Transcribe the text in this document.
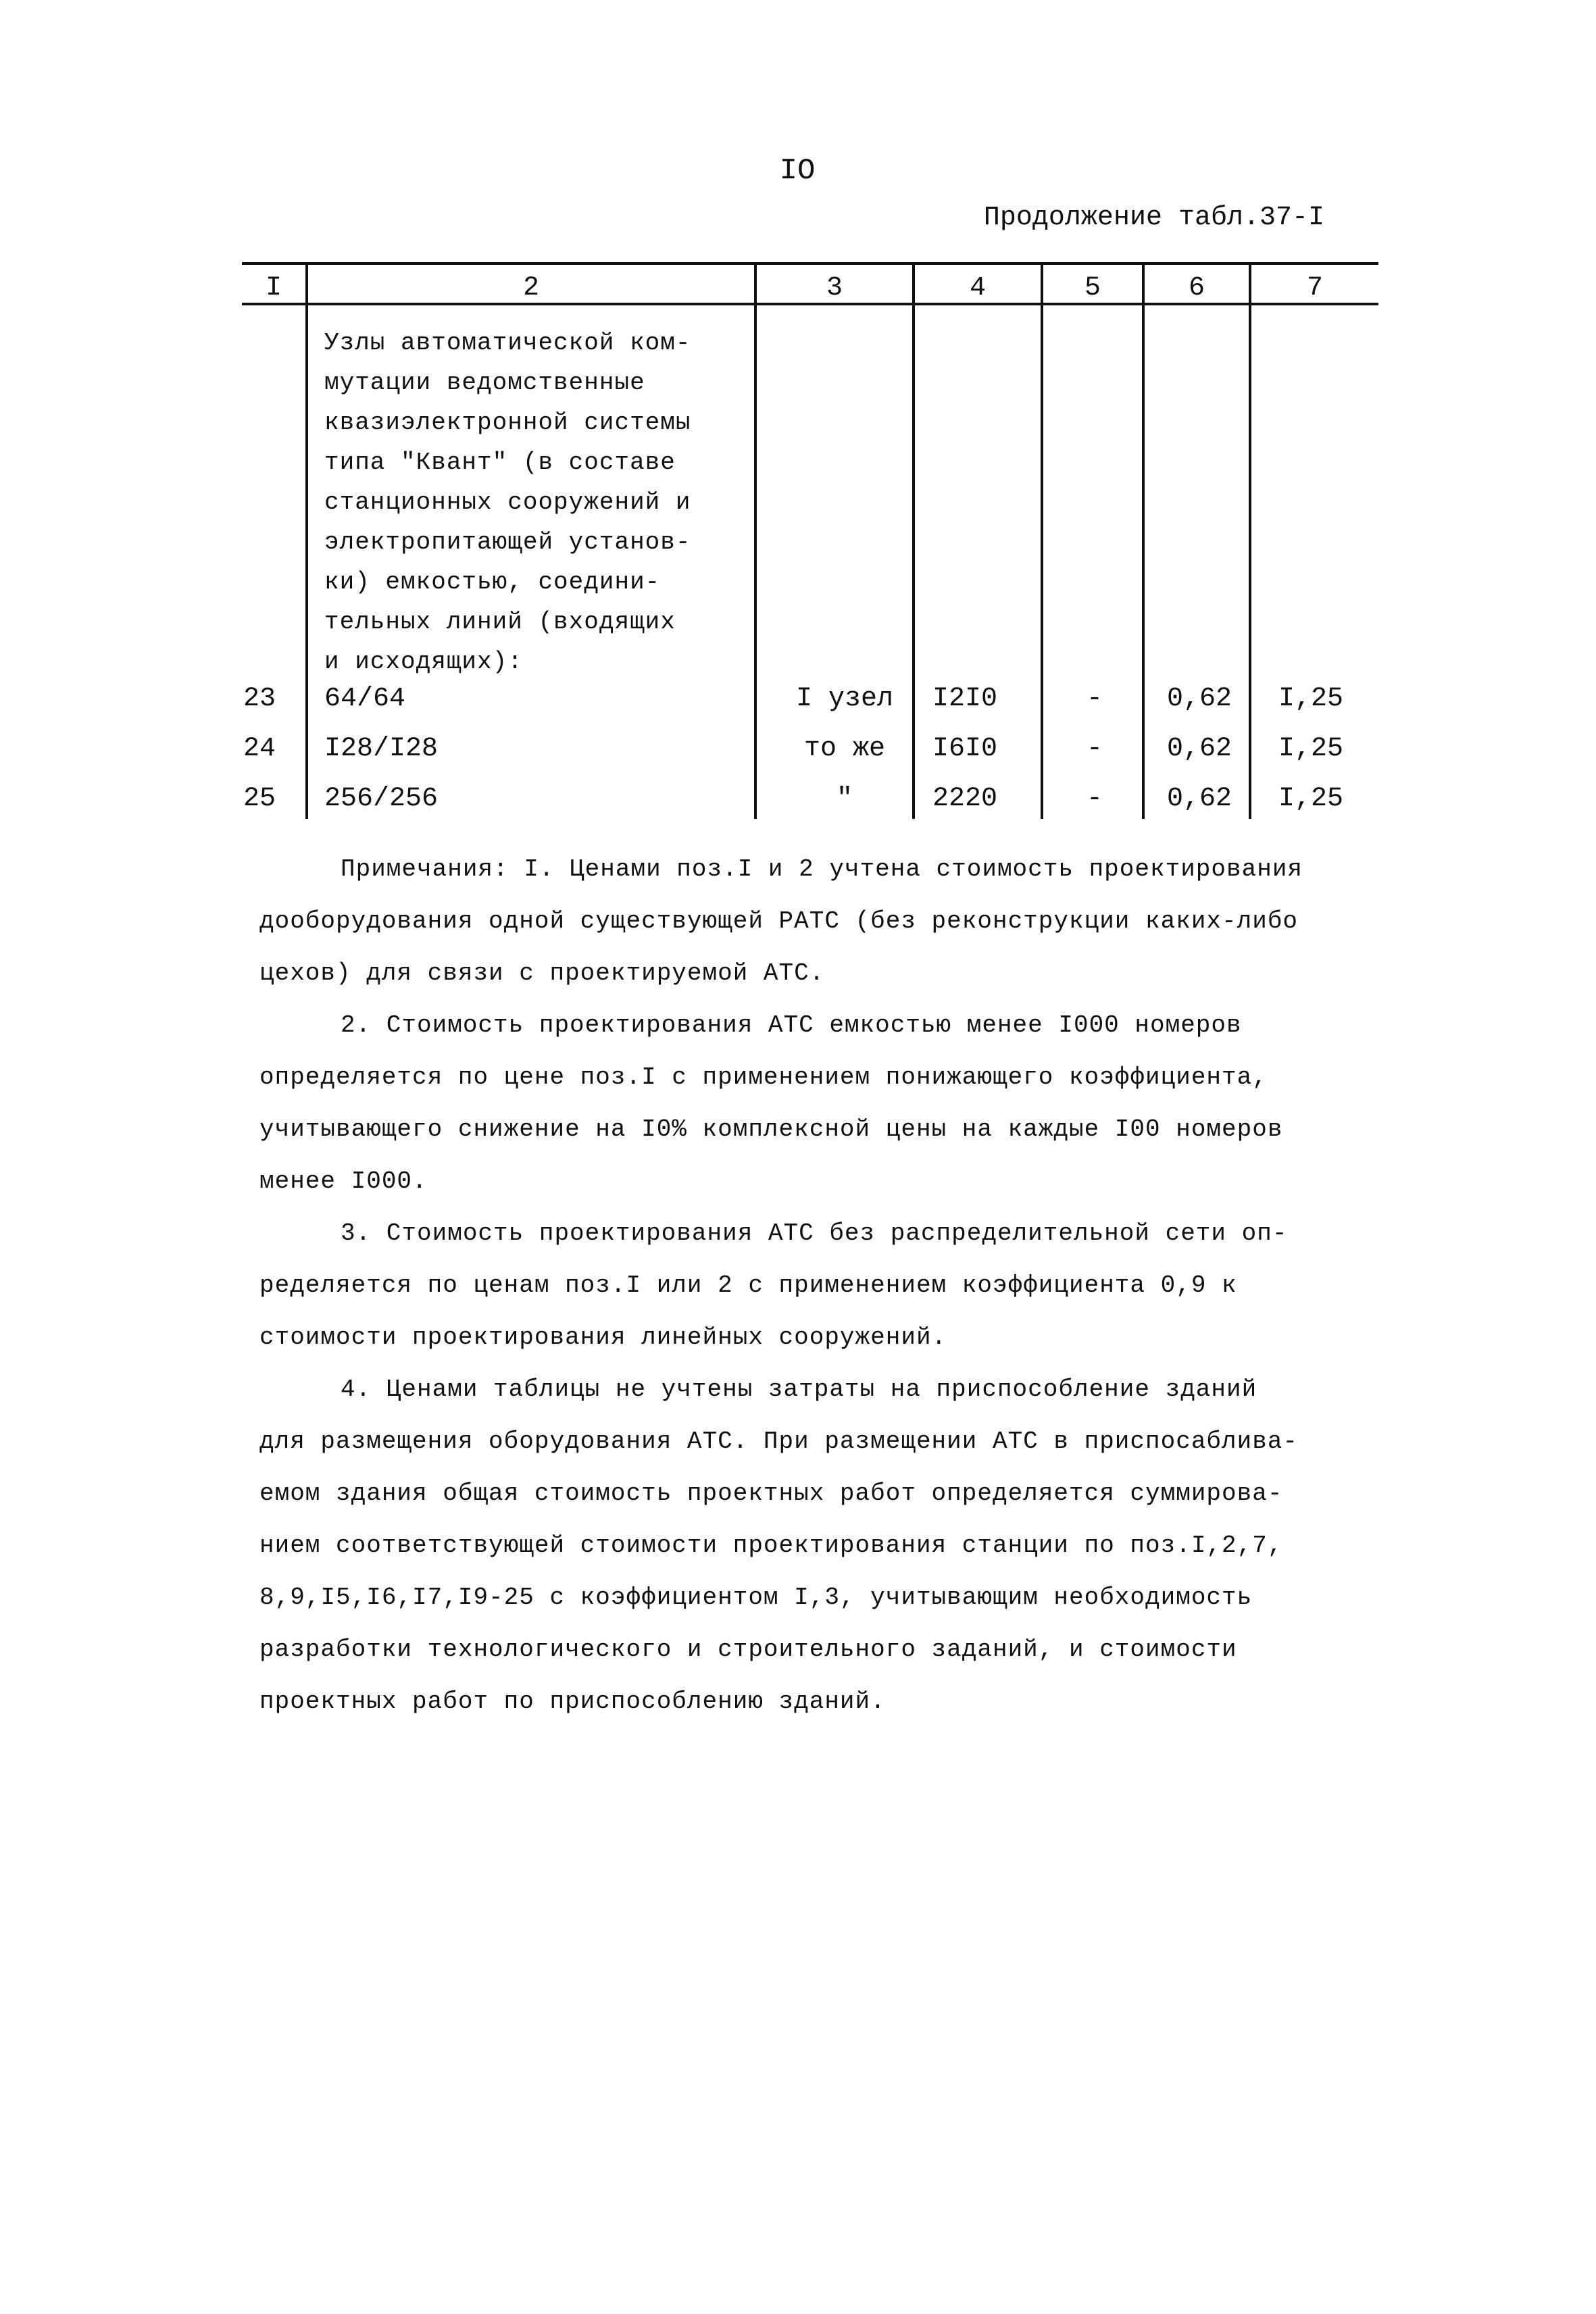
IO
Продолжение табл.37-I
I	2	3	4	5	6	7
Узлы автоматической ком-
мутации ведомственные
квазиэлектронной системы
типа "Квант" (в составе
станционных сооружений и
электропитающей установ-
ки) емкостью, соедини-
тельных линий (входящих
и исходящих):
23	64/64	I узел	I2I0	-	0,62	I,25
24	I28/I28	то же	I6I0	-	0,62	I,25
25	256/256	"	2220	-	0,62	I,25
Примечания: I. Ценами поз.I и 2 учтена стоимость проектирования
дооборудования одной существующей РАТС (без реконструкции каких-либо
цехов) для связи с проектируемой АТС.
2. Стоимость проектирования АТС емкостью менее I000 номеров
определяется по цене поз.I с применением понижающего коэффициента,
учитывающего снижение на I0% комплексной цены на каждые I00 номеров
менее I000.
3. Стоимость проектирования АТС без распределительной сети оп-
ределяется по ценам поз.I или 2 с применением коэффициента 0,9 к
стоимости проектирования линейных сооружений.
4. Ценами таблицы не учтены затраты на приспособление зданий
для размещения оборудования АТС. При размещении АТС в приспосаблива-
емом здания общая стоимость проектных работ определяется суммирова-
нием соответствующей стоимости проектирования станции по поз.I,2,7,
8,9,I5,I6,I7,I9-25 с коэффициентом I,3, учитывающим необходимость
разработки технологического и строительного заданий, и стоимости
проектных работ по приспособлению зданий.
